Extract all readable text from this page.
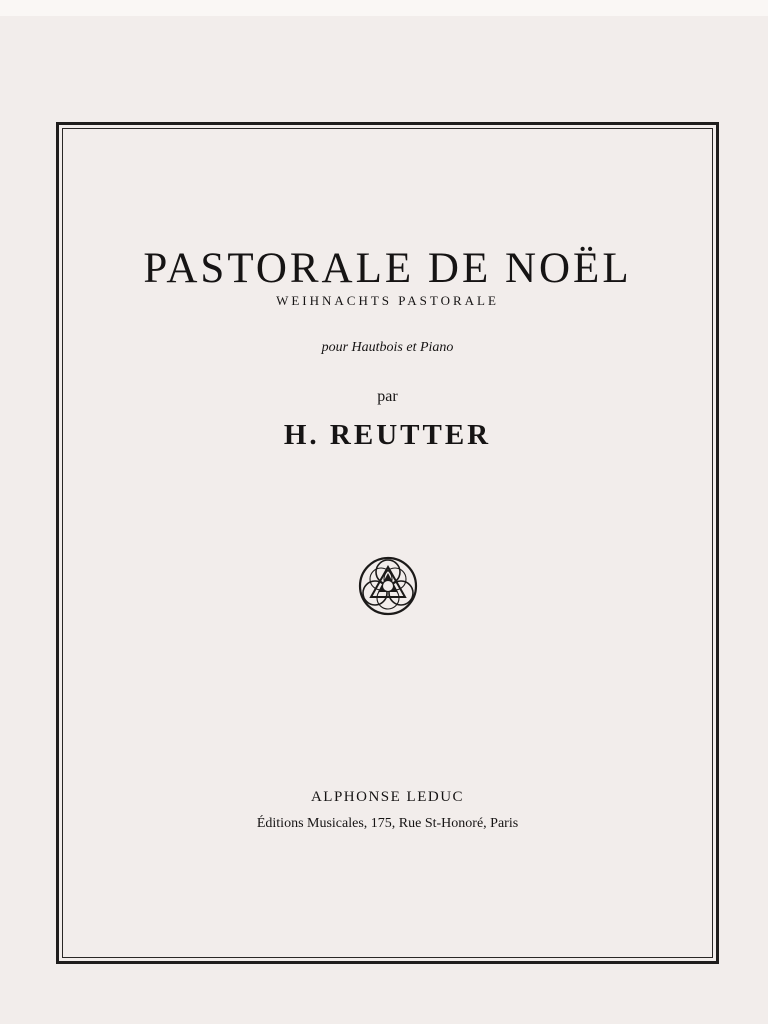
PASTORALE DE NOËL
WEIHNACHTS PASTORALE
pour Hautbois et Piano
par
H. REUTTER
ALPHONSE LEDUC
Éditions Musicales, 175, Rue St-Honoré, Paris
